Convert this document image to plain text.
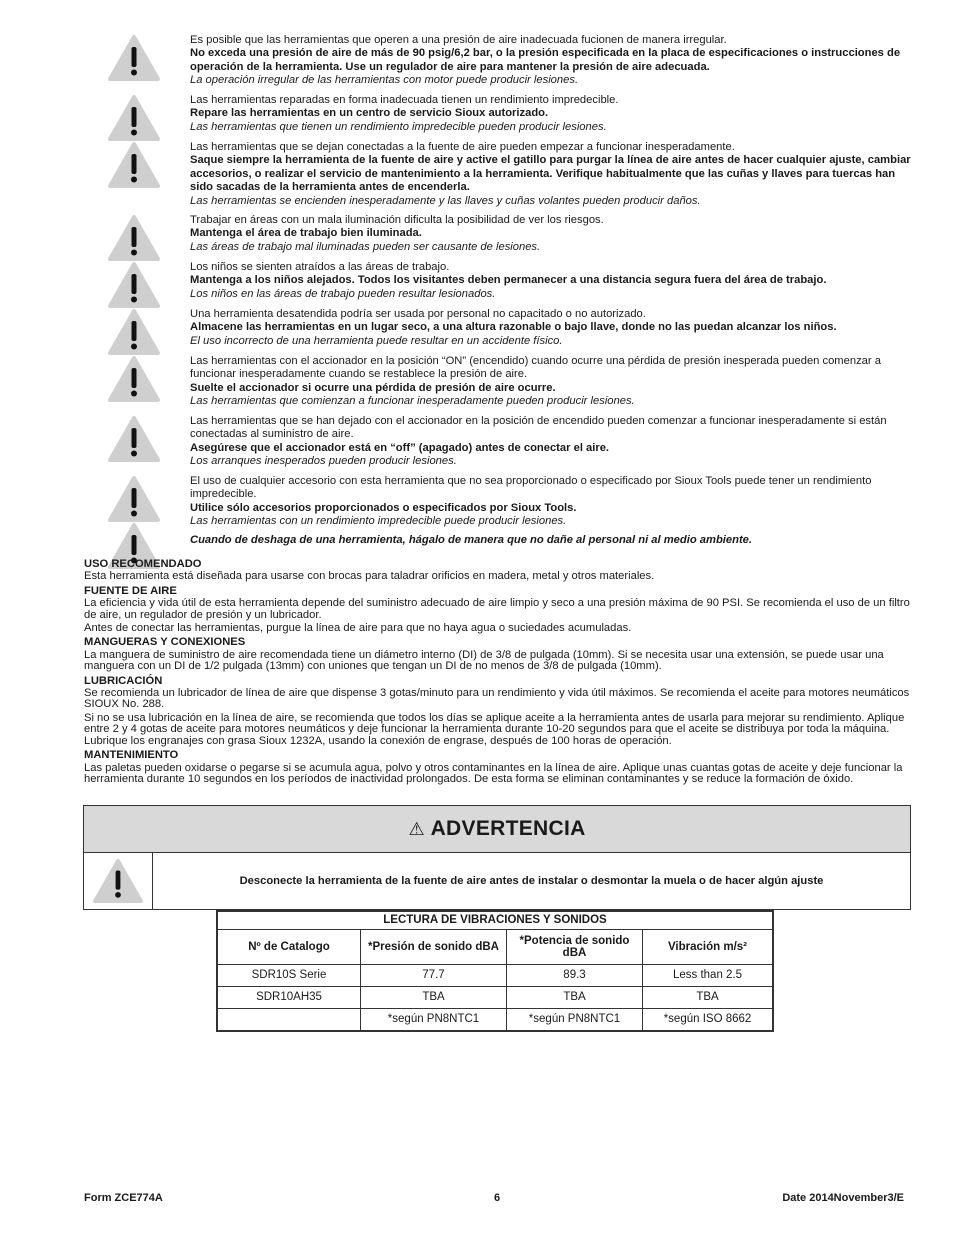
Es posible que las herramientas que operen a una presión de aire inadecuada fucionen de manera irregular.
No exceda una presión de aire de más de 90 psig/6,2 bar, o la presión especificada en la placa de especificaciones o instrucciones de operación de la herramienta. Use un regulador de aire para mantener la presión de aire adecuada.
La operación irregular de las herramientas con motor puede producir lesiones.
Las herramientas reparadas en forma inadecuada tienen un rendimiento impredecible.
Repare las herramientas en un centro de servicio Sioux autorizado.
Las herramientas que tienen un rendimiento impredecible pueden producir lesiones.
Las herramientas que se dejan conectadas a la fuente de aire pueden empezar a funcionar inesperadamente.
Saque siempre la herramienta de la fuente de aire y active el gatillo para purgar la línea de aire antes de hacer cualquier ajuste, cambiar accesorios, o realizar el servicio de mantenimiento a la herramienta. Verifique habitualmente que las cuñas y llaves para tuercas han sido sacadas de la herramienta antes de encenderla.
Las herramientas se encienden inesperadamente y las llaves y cuñas volantes pueden producir daños.
Trabajar en áreas con un mala iluminación dificulta la posibilidad de ver los riesgos.
Mantenga el área de trabajo bien iluminada.
Las áreas de trabajo mal iluminadas pueden ser causante de lesiones.
Los niños se sienten atraídos a las áreas de trabajo.
Mantenga a los niños alejados. Todos los visitantes deben permanecer a una distancia segura fuera del área de trabajo.
Los niños en las áreas de trabajo pueden resultar lesionados.
Una herramienta desatendida podría ser usada por personal no capacitado o no autorizado.
Almacene las herramientas en un lugar seco, a una altura razonable o bajo llave, donde no las puedan alcanzar los niños.
El uso incorrecto de una herramienta puede resultar en un accidente físico.
Las herramientas con el accionador en la posición “ON” (encendido) cuando ocurre una pérdida de presión inesperada pueden comenzar a funcionar inesperadamente cuando se restablece la presión de aire.
Suelte el accionador si ocurre una pérdida de presión de aire ocurre.
Las herramientas que comienzan a funcionar inesperadamente pueden producir lesiones.
Las herramientas que se han dejado con el accionador en la posición de encendido pueden comenzar a funcionar inesperadamente si están conectadas al suministro de aire.
Asegúrese que el accionador está en “off” (apagado) antes de conectar el aire.
Los arranques inesperados pueden producir lesiones.
El uso de cualquier accesorio con esta herramienta que no sea proporcionado o especificado por Sioux Tools puede tener un rendimiento impredecible.
Utilice sólo accesorios proporcionados o especificados por Sioux Tools.
Las herramientas con un rendimiento impredecible puede producir lesiones.
Cuando de deshaga de una herramienta, hágalo de manera que no dañe al personal ni al medio ambiente.
USO RECOMENDADO
Esta herramienta está diseñada para usarse con brocas para taladrar orificios en madera, metal y otros materiales.
FUENTE DE AIRE
La eficiencia y vida útil de esta herramienta depende del suministro adecuado de aire limpio y seco a una presión máxima de 90 PSI. Se recomienda el uso de un filtro de aire, un regulador de presión y un lubricador.
Antes de conectar las herramientas, purgue la línea de aire para que no haya agua o suciedades acumuladas.
MANGUERAS Y CONEXIONES
La manguera de suministro de aire recomendada tiene un diámetro interno (DI) de 3/8 de pulgada (10mm). Si se necesita usar una extensión, se puede usar una manguera con un DI de 1/2 pulgada (13mm) con uniones que tengan un DI de no menos de 3/8 de pulgada (10mm).
LUBRICACIÓN
Se recomienda un lubricador de línea de aire que dispense 3 gotas/minuto para un rendimiento y vida útil máximos. Se recomienda el aceite para motores neumáticos SIOUX No. 288.
Si no se usa lubricación en la línea de aire, se recomienda que todos los días se aplique aceite a la herramienta antes de usarla para mejorar su rendimiento. Aplique entre 2 y 4 gotas de aceite para motores neumáticos y deje funcionar la herramienta durante 10-20 segundos para que el aceite se distribuya por toda la máquina. Lubrique los engranajes con grasa Sioux 1232A, usando la conexión de engrase, después de 100 horas de operación.
MANTENIMIENTO
Las paletas pueden oxidarse o pegarse si se acumula agua, polvo y otros contaminantes en la línea de aire. Aplique unas cuantas gotas de aceite y deje funcionar la herramienta durante 10 segundos en los períodos de inactividad prolongados. De esta forma se eliminan contaminantes y se reduce la formación de óxido.
⚠ ADVERTENCIA
Desconecte la herramienta de la fuente de aire antes de instalar o desmontar la muela o de hacer algún ajuste
LECTURA DE VIBRACIONES Y SONIDOS			
Nº de Catalogo	*Presión de sonido dBA	*Potencia de sonido dBA	Vibración m/s²
SDR10S Serie	77.7	89.3	Less than 2.5
SDR10AH35	TBA	TBA	TBA
	*según PN8NTC1	*según PN8NTC1	*según ISO 8662
Form ZCE774A	6	Date 2014November3/E
